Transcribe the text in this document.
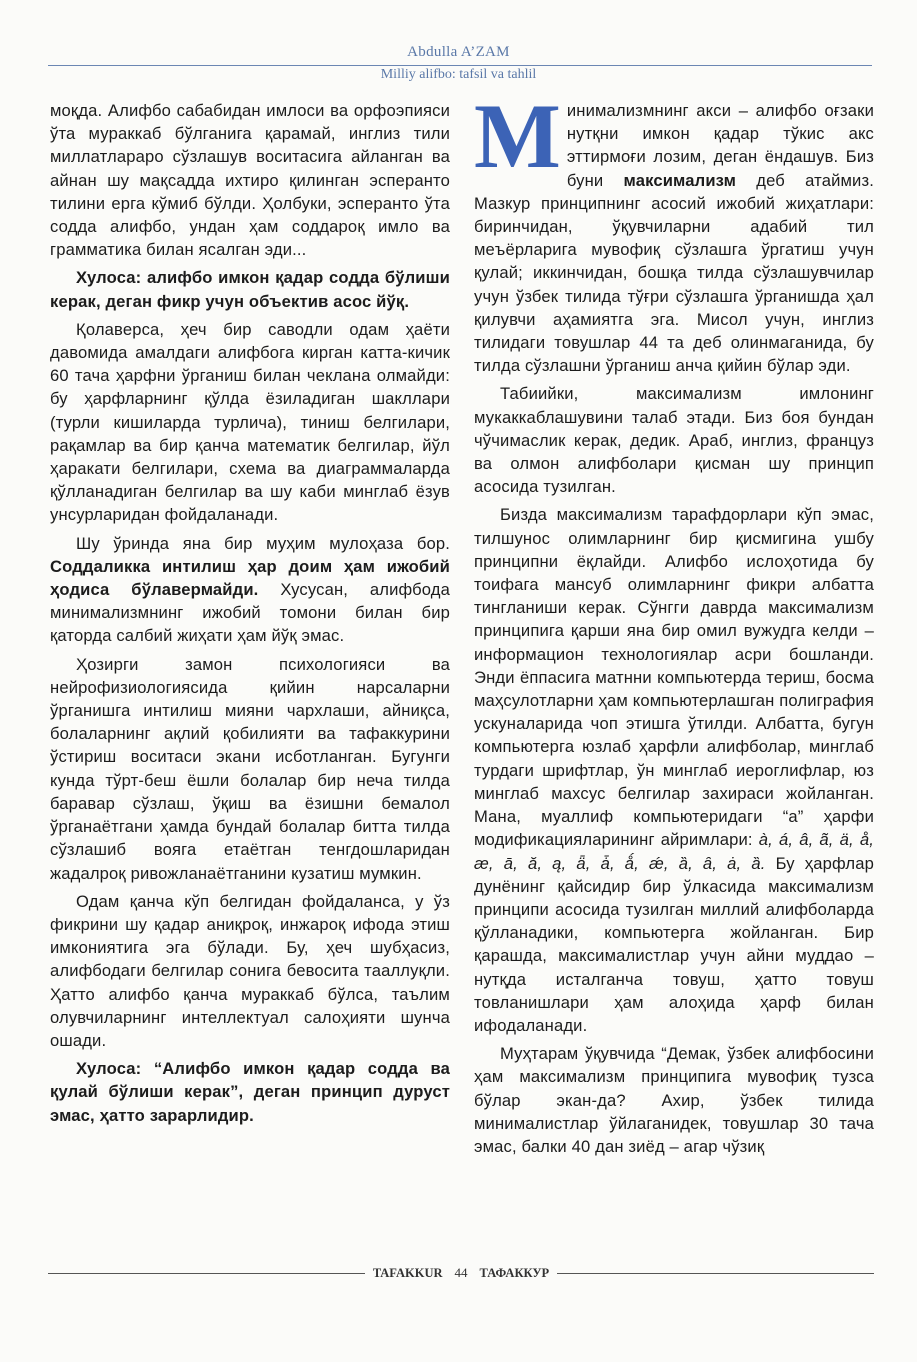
Abdulla A’ZAM
Milliy alifbo: tafsil va tahlil

моқда. Алифбо сабабидан имлоси ва орфоэпияси ўта мураккаб бўлганига қарамай, инглиз тили миллатлараро сўзлашув воситасига айланган ва айнан шу мақсадда ихтиро қилинган эсперанто тилини ерга кўмиб бўлди. Ҳолбуки, эсперанто ўта содда алифбо, ундан ҳам соддароқ имло ва грамматика билан ясалган эди...

Хулоса: алифбо имкон қадар содда бўлиши керак, деган фикр учун объектив асос йўқ.

Қолаверса, ҳеч бир саводли одам ҳаёти давомида амалдаги алифбога кирган катта-кичик 60 тача ҳарфни ўрганиш билан чеклана олмайди: бу ҳарфларнинг қўлда ёзиладиган шакллари (турли кишиларда турлича), тиниш белгилари, рақамлар ва бир қанча математик белгилар, йўл ҳаракати белгилари, схема ва диаграммаларда қўлланадиган белгилар ва шу каби минглаб ёзув унсурларидан фойдаланади.

Шу ўринда яна бир муҳим мулоҳаза бор. Соддаликка интилиш ҳар доим ҳам ижобий ҳодиса бўлавермайди. Хусусан, алифбода минимализмнинг ижобий томони билан бир қаторда салбий жиҳати ҳам йўқ эмас.

Ҳозирги замон психологияси ва нейрофизиологиясида қийин нарсаларни ўрганишга интилиш мияни чархлаши, айниқса, болаларнинг ақлий қобилияти ва тафаккурини ўстириш воситаси экани исботланган. Бугунги кунда тўрт-беш ёшли болалар бир неча тилда баравар сўзлаш, ўқиш ва ёзишни бемалол ўрганаётгани ҳамда бундай болалар битта тилда сўзлашиб вояга етаётган тенгдошларидан жадалроқ ривожланаётганини кузатиш мумкин.

Одам қанча кўп белгидан фойдаланса, у ўз фикрини шу қадар аниқроқ, инжароқ ифода этиш имкониятига эга бўлади. Бу, ҳеч шубҳасиз, алифбодаги белгилар сонига бевосита тааллуқли. Ҳатто алифбо қанча мураккаб бўлса, таълим олувчиларнинг интеллектуал салоҳияти шунча ошади.

Хулоса: “Алифбо имкон қадар содда ва қулай бўлиши керак”, деган принцип дуруст эмас, ҳатто зарарлидир.

Минимализмнинг акси – алифбо оғзаки нутқни имкон қадар тўкис акс эттирмоғи лозим, деган ёндашув. Биз буни максимализм деб атаймиз. Мазкур принципнинг асосий ижобий жиҳатлари: биринчидан, ўқувчиларни адабий тил меъёрларига мувофиқ сўзлашга ўргатиш учун қулай; иккинчидан, бошқа тилда сўзлашувчилар учун ўзбек тилида тўғри сўзлашга ўрганишда ҳал қилувчи аҳамиятга эга. Мисол учун, инглиз тилидаги товушлар 44 та деб олинмаганида, бу тилда сўзлашни ўрганиш анча қийин бўлар эди.

Табиийки, максимализм имлонинг мукаккаблашувини талаб этади. Биз боя бундан чўчимаслик керак, дедик. Араб, инглиз, француз ва олмон алифболари қисман шу принцип асосида тузилган.

Бизда максимализм тарафдорлари кўп эмас, тилшунос олимларнинг бир қисмигина ушбу принципни ёқлайди. Алифбо ислоҳотида бу тоифага мансуб олимларнинг фикри албатта тингланиши керак. Сўнгги даврда максимализм принципига қарши яна бир омил вужудга келди – информацион технологиялар асри бошланди. Энди ёппасига матнни компьютерда териш, босма маҳсулотларни ҳам компьютерлашган полиграфия ускуналарида чоп этишга ўтилди. Албатта, бугун компьютерга юзлаб ҳарфли алифболар, минглаб турдаги шрифтлар, ўн минглаб иероглифлар, юз минглаб махсус белгилар захираси жойланган. Мана, муаллиф компьютеридаги “а” ҳарфи модификацияларининг айримлари: à, á, â, ã, ä, å, æ, ā, ă, ą, ǟ, ǡ, ǻ, ǽ, ȁ, ȃ, ȧ, ȁ. Бу ҳарфлар дунёнинг қайсидир бир ўлкасида максимализм принципи асосида тузилган миллий алифболарда қўлланадики, компьютерга жойланган. Бир қарашда, максималистлар учун айни муддао – нутқда исталганча товуш, ҳатто товуш товланишлари ҳам алоҳида ҳарф билан ифодаланади.

Муҳтарам ўқувчида “Демак, ўзбек алифбосини ҳам максимализм принципига мувофиқ тузса бўлар экан-да? Ахир, ўзбек тилида минималистлар ўйлаганидек, товушлар 30 тача эмас, балки 40 дан зиёд – агар чўзиқ

TAFAKKUR 44 ТАФАККУР
